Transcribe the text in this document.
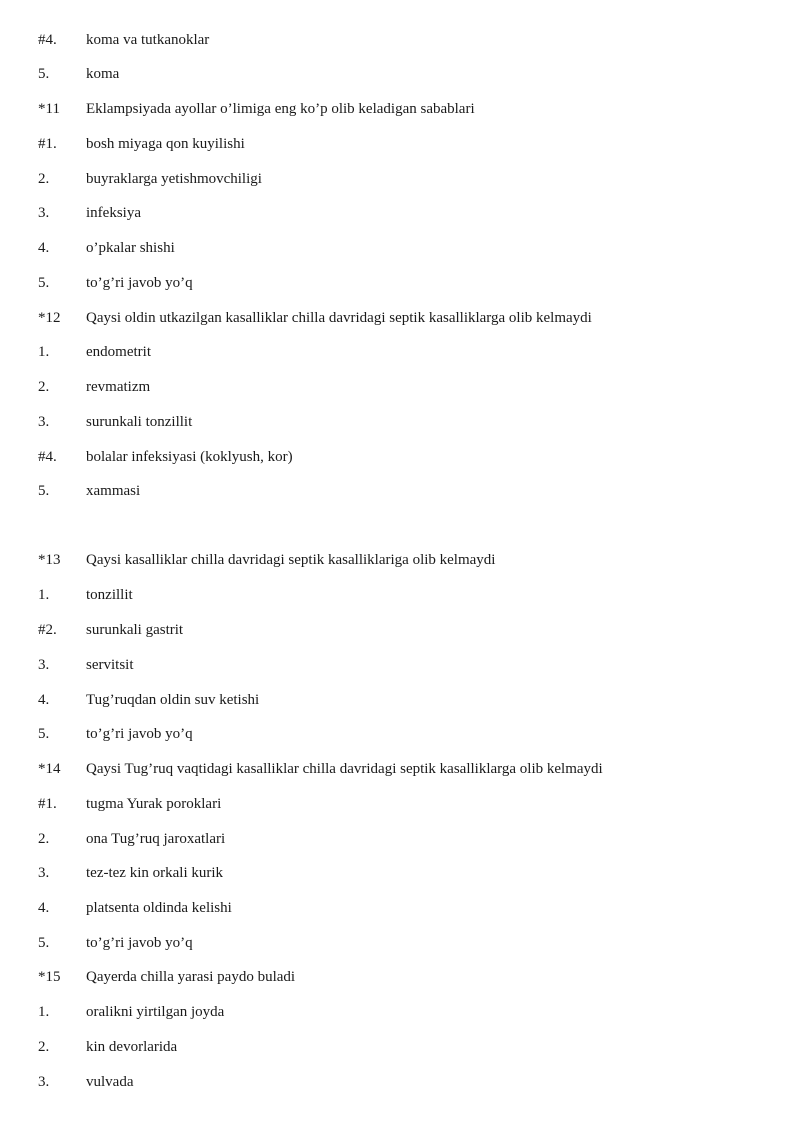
#4. koma va tutkanoklar
5. koma
*11 Eklampsiyada ayollar o’limiga eng ko’p olib keladigan sabablari
#1. bosh miyaga qon kuyilishi
2. buyraklarga yetishmovchiligi
3. infeksiya
4. o’pkalar shishi
5. to’g’ri javob yo’q
*12 Qaysi oldin utkazilgan kasalliklar chilla davridagi septik kasalliklarga olib kelmaydi
1. endometrit
2. revmatizm
3. surunkali tonzillit
#4. bolalar infeksiyasi (koklyush, kor)
5. xammasi
*13 Qaysi kasalliklar chilla davridagi septik kasalliklariga olib kelmaydi
1. tonzillit
#2. surunkali gastrit
3. servitsit
4. Tug’ruqdan oldin suv ketishi
5. to’g’ri javob yo’q
*14 Qaysi Tug’ruq vaqtidagi kasalliklar chilla davridagi septik kasalliklarga olib kelmaydi
#1. tugma Yurak poroklari
2. ona Tug’ruq jaroxatlari
3. tez-tez kin orkali kurik
4. platsenta oldinda kelishi
5. to’g’ri javob yo’q
*15 Qayerda chilla yarasi paydo buladi
1. oralikni yirtilgan joyda
2. kin devorlarida
3. vulvada
